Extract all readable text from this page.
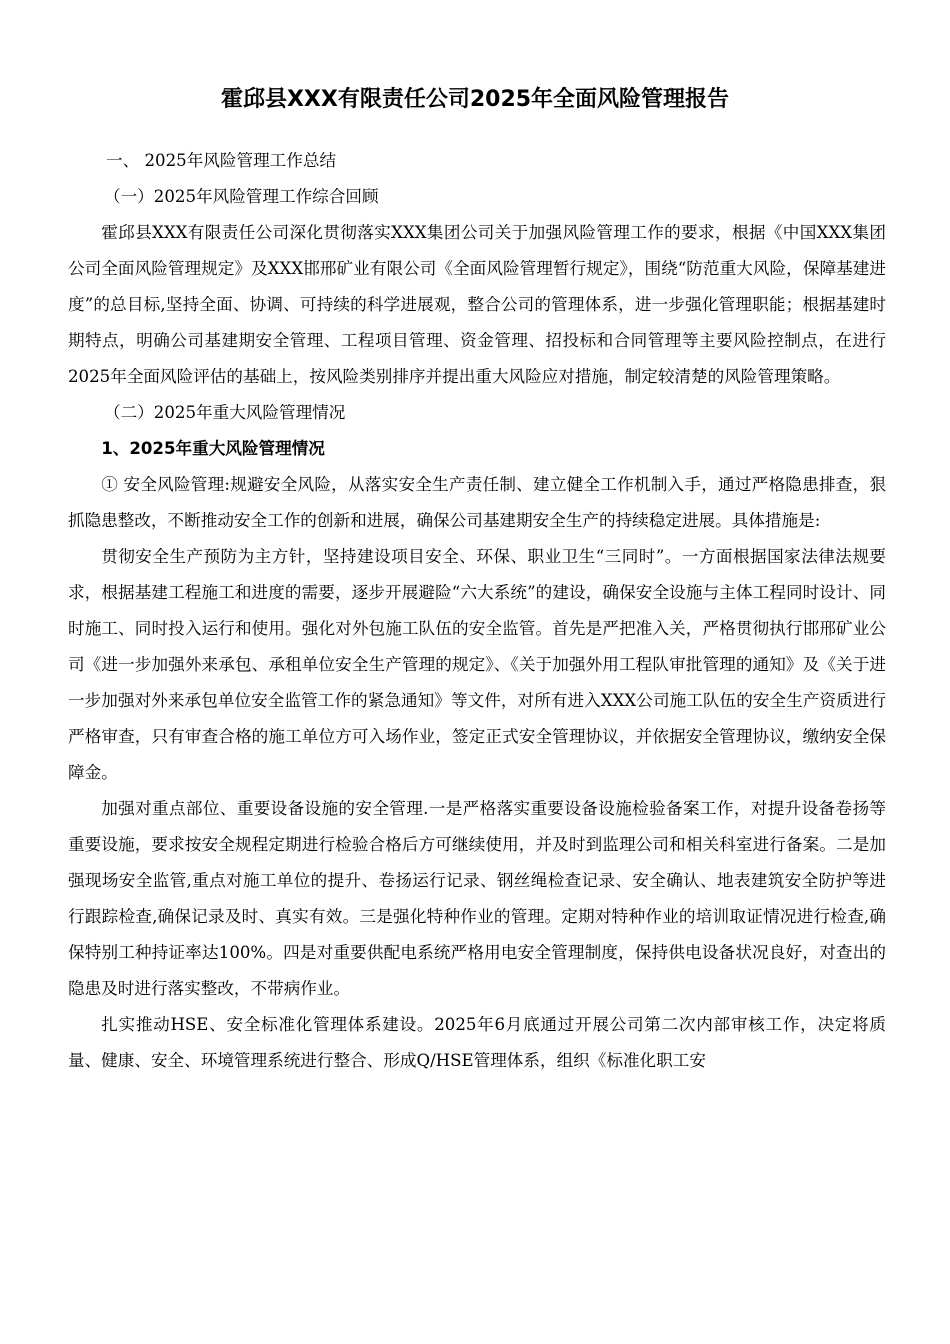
霍邱县XXX有限责任公司2025年全面风险管理报告

一、 2025年风险管理工作总结

（一）2025年风险管理工作综合回顾

霍邱县XXX有限责任公司深化贯彻落实XXX集团公司关于加强风险管理工作的要求，根据《中国XXX集团公司全面风险管理规定》及XXX邯邢矿业有限公司《全面风险管理暂行规定》，围绕“防范重大风险，保障基建进度”的总目标,坚持全面、协调、可持续的科学进展观，整合公司的管理体系，进一步强化管理职能；根据基建时期特点，明确公司基建期安全管理、工程项目管理、资金管理、招投标和合同管理等主要风险控制点，在进行2025年全面风险评估的基础上，按风险类别排序并提出重大风险应对措施，制定较清楚的风险管理策略。

（二）2025年重大风险管理情况

1、2025年重大风险管理情况

① 安全风险管理:规避安全风险，从落实安全生产责任制、建立健全工作机制入手，通过严格隐患排查，狠抓隐患整改，不断推动安全工作的创新和进展，确保公司基建期安全生产的持续稳定进展。具体措施是:

贯彻安全生产预防为主方针，坚持建设项目安全、环保、职业卫生“三同时”。一方面根据国家法律法规要求，根据基建工程施工和进度的需要，逐步开展避险“六大系统”的建设，确保安全设施与主体工程同时设计、同时施工、同时投入运行和使用。强化对外包施工队伍的安全监管。首先是严把准入关，严格贯彻执行邯邢矿业公司《进一步加强外来承包、承租单位安全生产管理的规定》、《关于加强外用工程队审批管理的通知》及《关于进一步加强对外来承包单位安全监管工作的紧急通知》等文件，对所有进入XXX公司施工队伍的安全生产资质进行严格审查，只有审查合格的施工单位方可入场作业，签定正式安全管理协议，并依据安全管理协议，缴纳安全保障金。

加强对重点部位、重要设备设施的安全管理.一是严格落实重要设备设施检验备案工作，对提升设备卷扬等重要设施，要求按安全规程定期进行检验合格后方可继续使用，并及时到监理公司和相关科室进行备案。二是加强现场安全监管,重点对施工单位的提升、卷扬运行记录、钢丝绳检查记录、安全确认、地表建筑安全防护等进行跟踪检查,确保记录及时、真实有效。三是强化特种作业的管理。定期对特种作业的培训取证情况进行检查,确保特别工种持证率达100%。四是对重要供配电系统严格用电安全管理制度，保持供电设备状况良好，对查出的隐患及时进行落实整改，不带病作业。

扎实推动HSE、安全标准化管理体系建设。2025年6月底通过开展公司第二次内部审核工作，决定将质量、健康、安全、环境管理系统进行整合、形成Q/HSE管理体系，组织《标准化职工安
